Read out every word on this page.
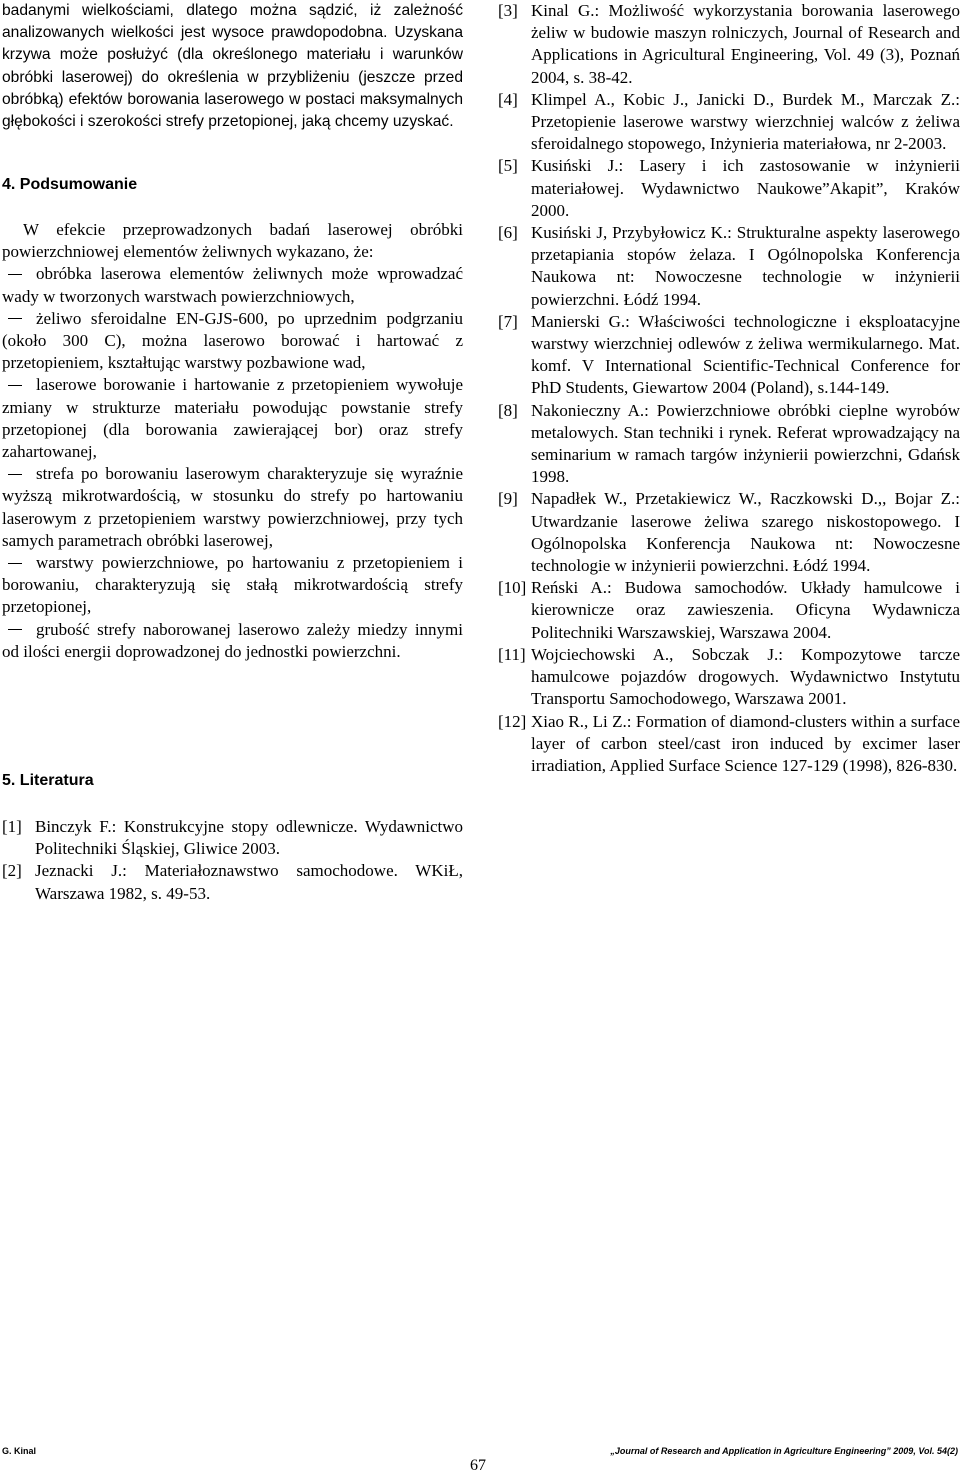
badanymi wielkościami, dlatego można sądzić, iż zależność analizowanych wielkości jest wysoce prawdopodobna. Uzyskana krzywa może posłużyć (dla określonego materiału i warunków obróbki laserowej) do określenia w przybliżeniu (jeszcze przed obróbką) efektów borowania laserowego w postaci maksymalnych głębokości i szerokości strefy przetopionej, jaką chcemy uzyskać.

4. Podsumowanie

W efekcie przeprowadzonych badań laserowej obróbki powierzchniowej elementów żeliwnych wykazano, że:

obróbka laserowa elementów żeliwnych może wprowadzać wady w tworzonych warstwach powierzchniowych,

żeliwo sferoidalne EN-GJS-600, po uprzednim podgrzaniu (około 300 C), można laserowo borować i hartować z przetopieniem, kształtując warstwy pozbawione wad,

laserowe borowanie i hartowanie z przetopieniem wywołuje zmiany w strukturze materiału powodując powstanie strefy przetopionej (dla borowania zawierającej bor) oraz strefy zahartowanej,

strefa po borowaniu laserowym charakteryzuje się wyraźnie wyższą mikrotwardością, w stosunku do strefy po hartowaniu laserowym z przetopieniem warstwy powierzchniowej, przy tych samych parametrach obróbki laserowej,

warstwy powierzchniowe, po hartowaniu z przetopieniem i borowaniu, charakteryzują się stałą mikrotwardością strefy przetopionej,

grubość strefy naborowanej laserowo zależy miedzy innymi od ilości energii doprowadzonej do jednostki powierzchni.

5. Literatura

[1] Binczyk F.: Konstrukcyjne stopy odlewnicze. Wydawnictwo Politechniki Śląskiej, Gliwice 2003.

[2] Jeznacki J.: Materiałoznawstwo samochodowe. WKiŁ, Warszawa 1982, s. 49-53.

[3] Kinal G.: Możliwość wykorzystania borowania laserowego żeliw w budowie maszyn rolniczych, Journal of Research and Applications in Agricultural Engineering, Vol. 49 (3), Poznań 2004, s. 38-42.

[4] Klimpel A., Kobic J., Janicki D., Burdek M., Marczak Z.: Przetopienie laserowe warstwy wierzchniej walców z żeliwa sferoidalnego stopowego, Inżynieria materiałowa, nr 2-2003.

[5] Kusiński J.: Lasery i ich zastosowanie w inżynierii materiałowej. Wydawnictwo Naukowe”Akapit”, Kraków 2000.

[6] Kusiński J, Przybyłowicz K.: Strukturalne aspekty laserowego przetapiania stopów żelaza. I Ogólnopolska Konferencja Naukowa nt: Nowoczesne technologie w inżynierii powierzchni. Łódź 1994.

[7] Manierski G.: Właściwości technologiczne i eksploatacyjne warstwy wierzchniej odlewów z żeliwa wermikularnego. Mat. komf. V International Scientific-Technical Conference for PhD Students, Giewartow 2004 (Poland), s.144-149.

[8] Nakonieczny A.: Powierzchniowe obróbki cieplne wyrobów metalowych. Stan techniki i rynek. Referat wprowadzający na seminarium w ramach targów inżynierii powierzchni, Gdańsk 1998.

[9] Napadłek W., Przetakiewicz W., Raczkowski D.,, Bojar Z.: Utwardzanie laserowe żeliwa szarego niskostopowego. I Ogólnopolska Konferencja Naukowa nt: Nowoczesne technologie w inżynierii powierzchni. Łódź 1994.

[10] Reński A.: Budowa samochodów. Układy hamulcowe i kierownicze oraz zawieszenia. Oficyna Wydawnicza Politechniki Warszawskiej, Warszawa 2004.

[11] Wojciechowski A., Sobczak J.: Kompozytowe tarcze hamulcowe pojazdów drogowych. Wydawnictwo Instytutu Transportu Samochodowego, Warszawa 2001.

[12] Xiao R., Li Z.: Formation of diamond-clusters within a surface layer of carbon steel/cast iron induced by excimer laser irradiation, Applied Surface Science 127-129 (1998), 826-830.

G. Kinal
67
„Journal of Research and Application in Agriculture Engineering” 2009, Vol. 54(2)
